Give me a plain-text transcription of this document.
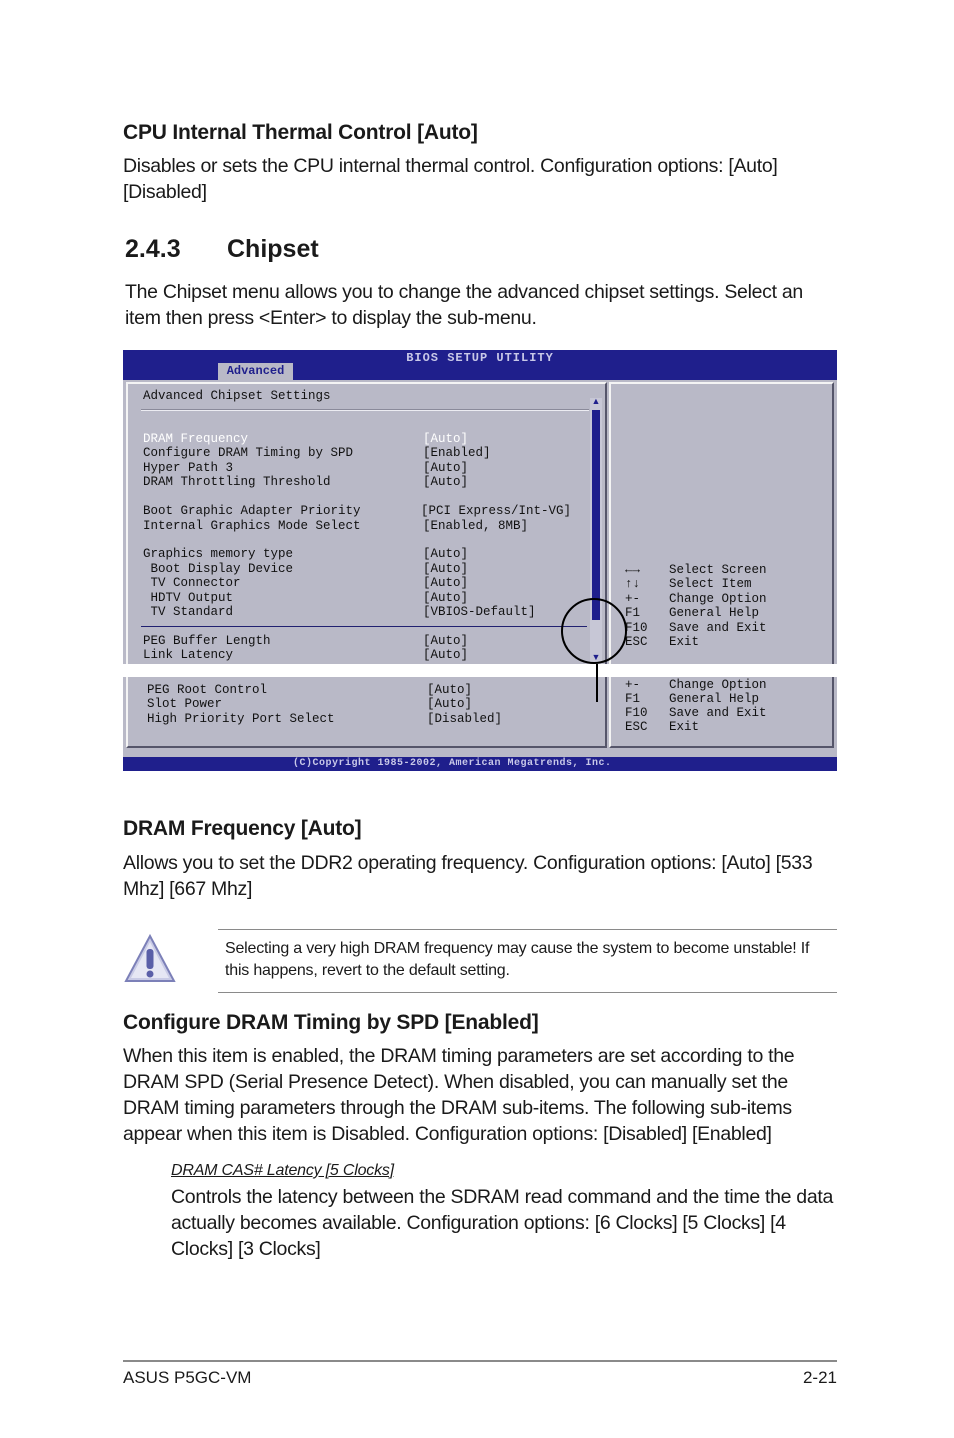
CPU Internal Thermal Control [Auto]
Disables or sets the CPU internal thermal control. Configuration options: [Auto] [Disabled]
2.4.3 Chipset
The Chipset menu allows you to change the advanced chipset settings. Select an item then press <Enter> to display the sub-menu.
BIOS SETUP UTILITY
Advanced
Advanced Chipset Settings
DRAM Frequency	[Auto]
Configure DRAM Timing by SPD	[Enabled]
Hyper Path 3	[Auto]
DRAM Throttling Threshold	[Auto]
Boot Graphic Adapter Priority	[PCI Express/Int-VG]
Internal Graphics Mode Select	[Enabled, 8MB]
Graphics memory type	[Auto]
Boot Display Device	[Auto]
TV Connector	[Auto]
HDTV Output	[Auto]
TV Standard	[VBIOS-Default]
PEG Buffer Length	[Auto]
Link Latency	[Auto]
▲
▼
←→ Select Screen
↑↓ Select Item
+- Change Option
F1 General Help
F10 Save and Exit
ESC Exit
PEG Root Control	[Auto]
Slot Power	[Auto]
High Priority Port Select	[Disabled]
+- Change Option
F1 General Help
F10 Save and Exit
ESC Exit
(C)Copyright 1985-2002, American Megatrends, Inc.
DRAM Frequency [Auto]
Allows you to set the DDR2 operating frequency. Configuration options: [Auto] [533 Mhz] [667 Mhz]
Selecting a very high DRAM frequency may cause the system to become unstable! If this happens, revert to the default setting.
Configure DRAM Timing by SPD [Enabled]
When this item is enabled, the DRAM timing parameters are set according to the DRAM SPD (Serial Presence Detect). When disabled, you can manually set the DRAM timing parameters through the DRAM sub-items. The following sub-items appear when this item is Disabled. Configuration options: [Disabled] [Enabled]
DRAM CAS# Latency [5 Clocks]
Controls the latency between the SDRAM read command and the time the data actually becomes available. Configuration options: [6 Clocks] [5 Clocks] [4 Clocks] [3 Clocks]
ASUS P5GC-VM	2-21
